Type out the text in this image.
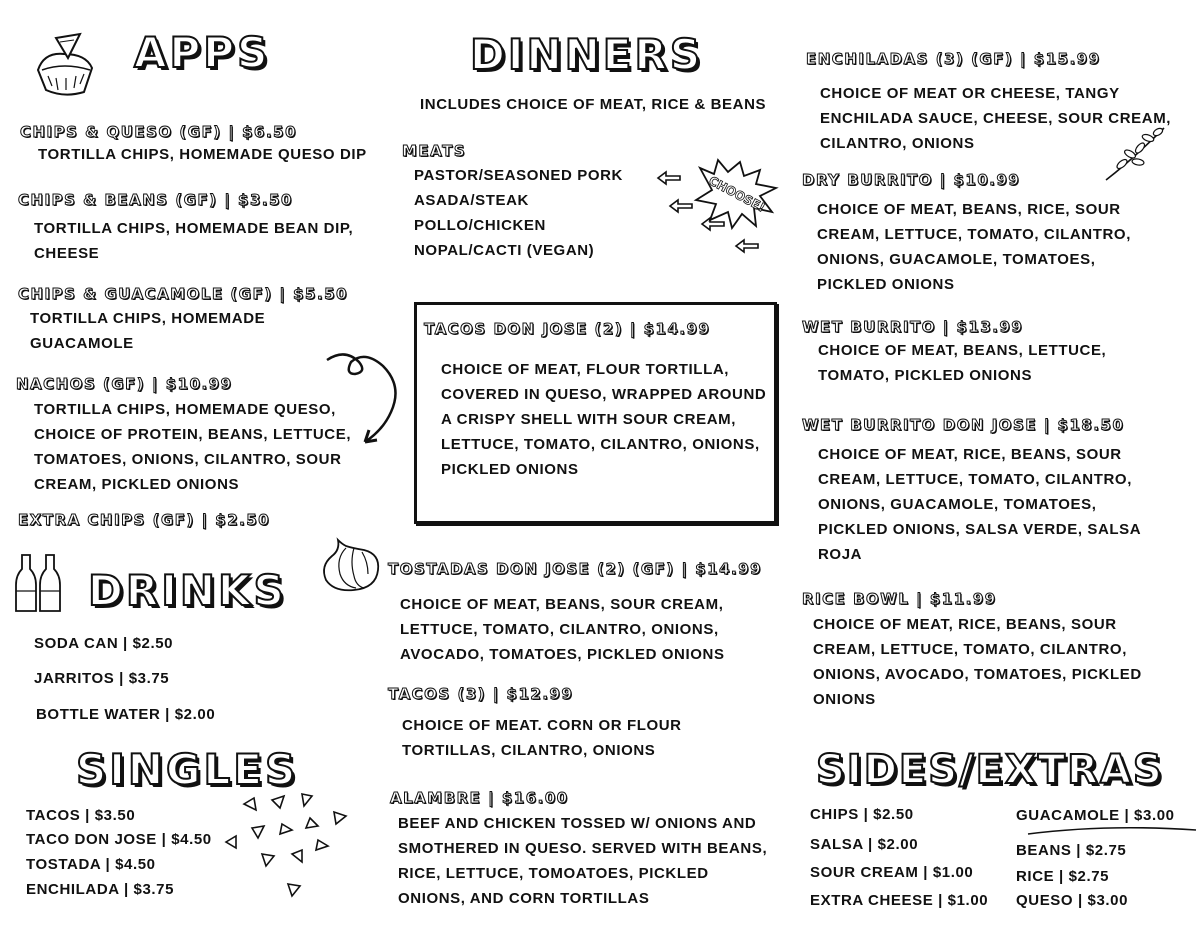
APPS
CHIPS & QUESO (GF) | $6.50
TORTILLA CHIPS, HOMEMADE QUESO DIP
CHIPS & BEANS (GF) | $3.50
TORTILLA CHIPS, HOMEMADE BEAN DIP, CHEESE
CHIPS & GUACAMOLE (GF) | $5.50
TORTILLA CHIPS, HOMEMADE GUACAMOLE
NACHOS (GF) | $10.99
TORTILLA CHIPS, HOMEMADE QUESO, CHOICE OF PROTEIN, BEANS, LETTUCE, TOMATOES, ONIONS, CILANTRO, SOUR CREAM, PICKLED ONIONS
EXTRA CHIPS (GF) | $2.50
DRINKS
SODA CAN | $2.50
JARRITOS | $3.75
BOTTLE WATER | $2.00
SINGLES
TACOS | $3.50
TACO DON JOSE | $4.50
TOSTADA | $4.50
ENCHILADA | $3.75
DINNERS
INCLUDES CHOICE OF MEAT, RICE & BEANS
MEATS
PASTOR/SEASONED PORK
ASADA/STEAK
POLLO/CHICKEN
NOPAL/CACTI (VEGAN)
CHOOSE!
TACOS DON JOSE (2) | $14.99
CHOICE OF MEAT, FLOUR TORTILLA, COVERED IN QUESO, WRAPPED AROUND A CRISPY SHELL WITH SOUR CREAM, LETTUCE, TOMATO, CILANTRO, ONIONS, PICKLED ONIONS
TOSTADAS DON JOSE (2) (GF) | $14.99
CHOICE OF MEAT, BEANS, SOUR CREAM, LETTUCE, TOMATO, CILANTRO, ONIONS, AVOCADO, TOMATOES, PICKLED ONIONS
TACOS (3) | $12.99
CHOICE OF MEAT. CORN OR FLOUR TORTILLAS, CILANTRO, ONIONS
ALAMBRE | $16.00
BEEF AND CHICKEN TOSSED W/ ONIONS AND SMOTHERED IN QUESO. SERVED WITH BEANS, RICE, LETTUCE, TOMOATOES, PICKLED ONIONS, AND CORN TORTILLAS
ENCHILADAS (3) (GF) | $15.99
CHOICE OF MEAT OR CHEESE, TANGY ENCHILADA SAUCE, CHEESE, SOUR CREAM, CILANTRO, ONIONS
DRY BURRITO | $10.99
CHOICE OF MEAT, BEANS, RICE, SOUR CREAM, LETTUCE, TOMATO, CILANTRO, ONIONS, GUACAMOLE, TOMATOES, PICKLED ONIONS
WET BURRITO | $13.99
CHOICE OF MEAT, BEANS, LETTUCE, TOMATO, PICKLED ONIONS
WET BURRITO DON JOSE | $18.50
CHOICE OF MEAT, RICE, BEANS, SOUR CREAM, LETTUCE, TOMATO, CILANTRO, ONIONS, GUACAMOLE, TOMATOES, PICKLED ONIONS, SALSA VERDE, SALSA ROJA
RICE BOWL | $11.99
CHOICE OF MEAT, RICE, BEANS, SOUR CREAM, LETTUCE, TOMATO, CILANTRO, ONIONS, AVOCADO, TOMATOES, PICKLED ONIONS
SIDES/EXTRAS
CHIPS | $2.50
SALSA | $2.00
SOUR CREAM | $1.00
EXTRA CHEESE | $1.00
GUACAMOLE | $3.00
BEANS | $2.75
RICE | $2.75
QUESO | $3.00
